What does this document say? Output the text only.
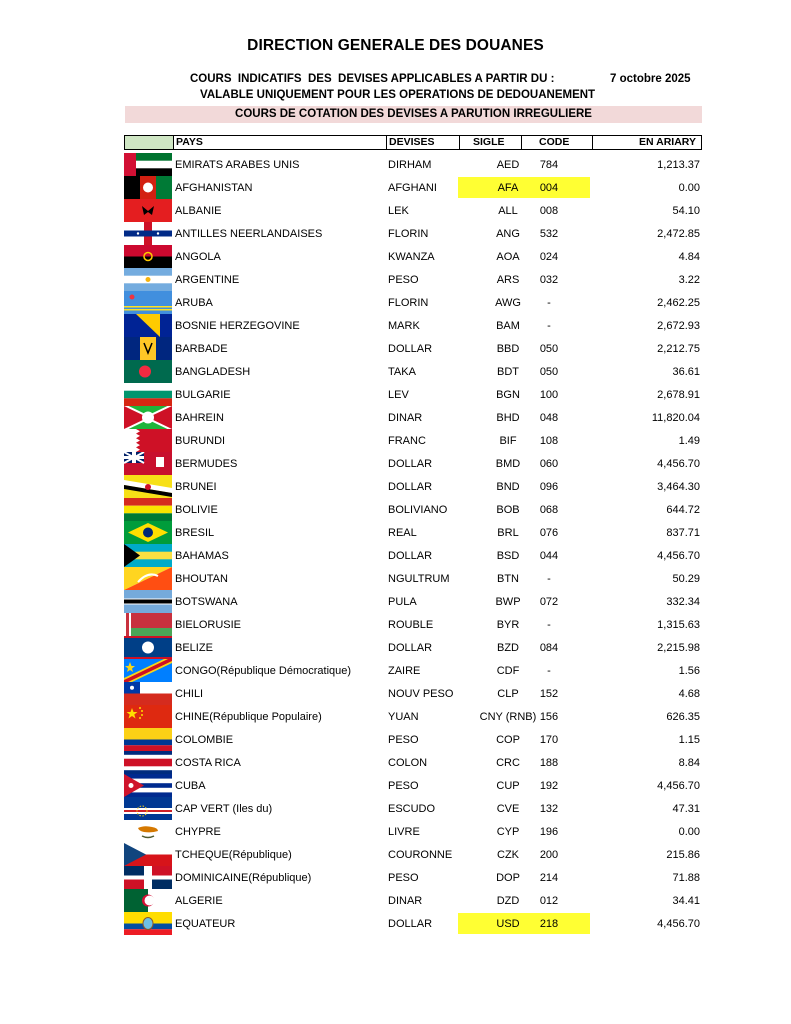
DIRECTION GENERALE DES DOUANES
COURS  INDICATIFS  DES  DEVISES APPLICABLES A PARTIR DU :	7 octobre 2025
VALABLE UNIQUEMENT POUR LES OPERATIONS DE DEDOUANEMENT
COURS DE COTATION DES DEVISES A PARUTION IRREGULIERE
PAYS	DEVISES	SIGLE	CODE	EN ARIARY
EMIRATS ARABES UNIS	DIRHAM	AED	784	1,213.37
AFGHANISTAN	AFGHANI	AFA	004	0.00
ALBANIE	LEK	ALL	008	54.10
ANTILLES NEERLANDAISES	FLORIN	ANG	532	2,472.85
ANGOLA	KWANZA	AOA	024	4.84
ARGENTINE	PESO	ARS	032	3.22
ARUBA	FLORIN	AWG	-	2,462.25
BOSNIE HERZEGOVINE	MARK	BAM	-	2,672.93
BARBADE	DOLLAR	BBD	050	2,212.75
BANGLADESH	TAKA	BDT	050	36.61
BULGARIE	LEV	BGN	100	2,678.91
BAHREIN	DINAR	BHD	048	11,820.04
BURUNDI	FRANC	BIF	108	1.49
BERMUDES	DOLLAR	BMD	060	4,456.70
BRUNEI	DOLLAR	BND	096	3,464.30
BOLIVIE	BOLIVIANO	BOB	068	644.72
BRESIL	REAL	BRL	076	837.71
BAHAMAS	DOLLAR	BSD	044	4,456.70
BHOUTAN	NGULTRUM	BTN	-	50.29
BOTSWANA	PULA	BWP	072	332.34
BIELORUSIE	ROUBLE	BYR	-	1,315.63
BELIZE	DOLLAR	BZD	084	2,215.98
CONGO(République Démocratique)	ZAIRE	CDF	-	1.56
CHILI	NOUV PESO	CLP	152	4.68
CHINE(République Populaire)	YUAN	CNY (RNB) 156	626.35
COLOMBIE	PESO	COP	170	1.15
COSTA RICA	COLON	CRC	188	8.84
CUBA	PESO	CUP	192	4,456.70
CAP VERT (Iles du)	ESCUDO	CVE	132	47.31
CHYPRE	LIVRE	CYP	196	0.00
TCHEQUE(République)	COURONNE	CZK	200	215.86
DOMINICAINE(République)	PESO	DOP	214	71.88
ALGERIE	DINAR	DZD	012	34.41
EQUATEUR	DOLLAR	USD	218	4,456.70
